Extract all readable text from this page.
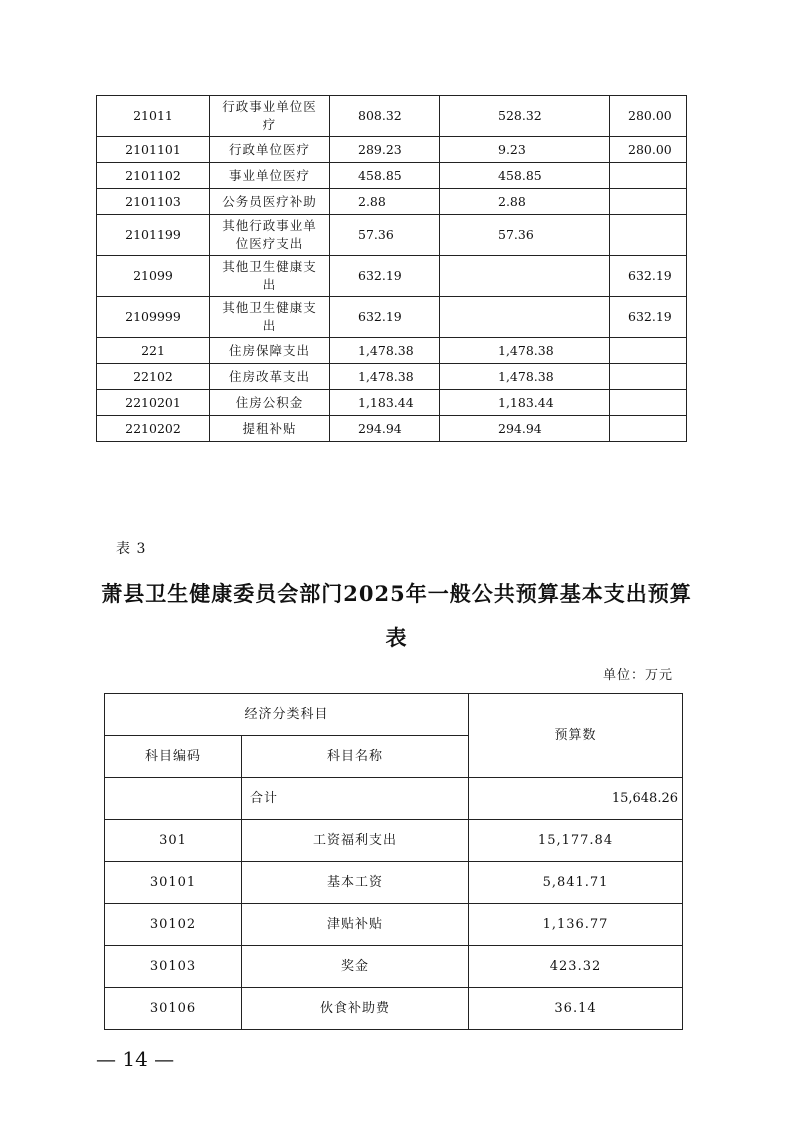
21011	行政事业单位医疗	808.32	528.32	280.00
2101101	行政单位医疗	289.23	9.23	280.00
2101102	事业单位医疗	458.85	458.85	
2101103	公务员医疗补助	2.88	2.88	
2101199	其他行政事业单位医疗支出	57.36	57.36	
21099	其他卫生健康支出	632.19		632.19
2109999	其他卫生健康支出	632.19		632.19
221	住房保障支出	1,478.38	1,478.38	
22102	住房改革支出	1,478.38	1,478.38	
2210201	住房公积金	1,183.44	1,183.44	
2210202	提租补贴	294.94	294.94	
表 3
萧县卫生健康委员会部门2025年一般公共预算基本支出预算
表
单位：万元
经济分类科目		预算数
科目编码	科目名称	
	合计	15,648.26
301	工资福利支出	15,177.84
30101	基本工资	5,841.71
30102	津贴补贴	1,136.77
30103	奖金	423.32
30106	伙食补助费	36.14
— 14 —
